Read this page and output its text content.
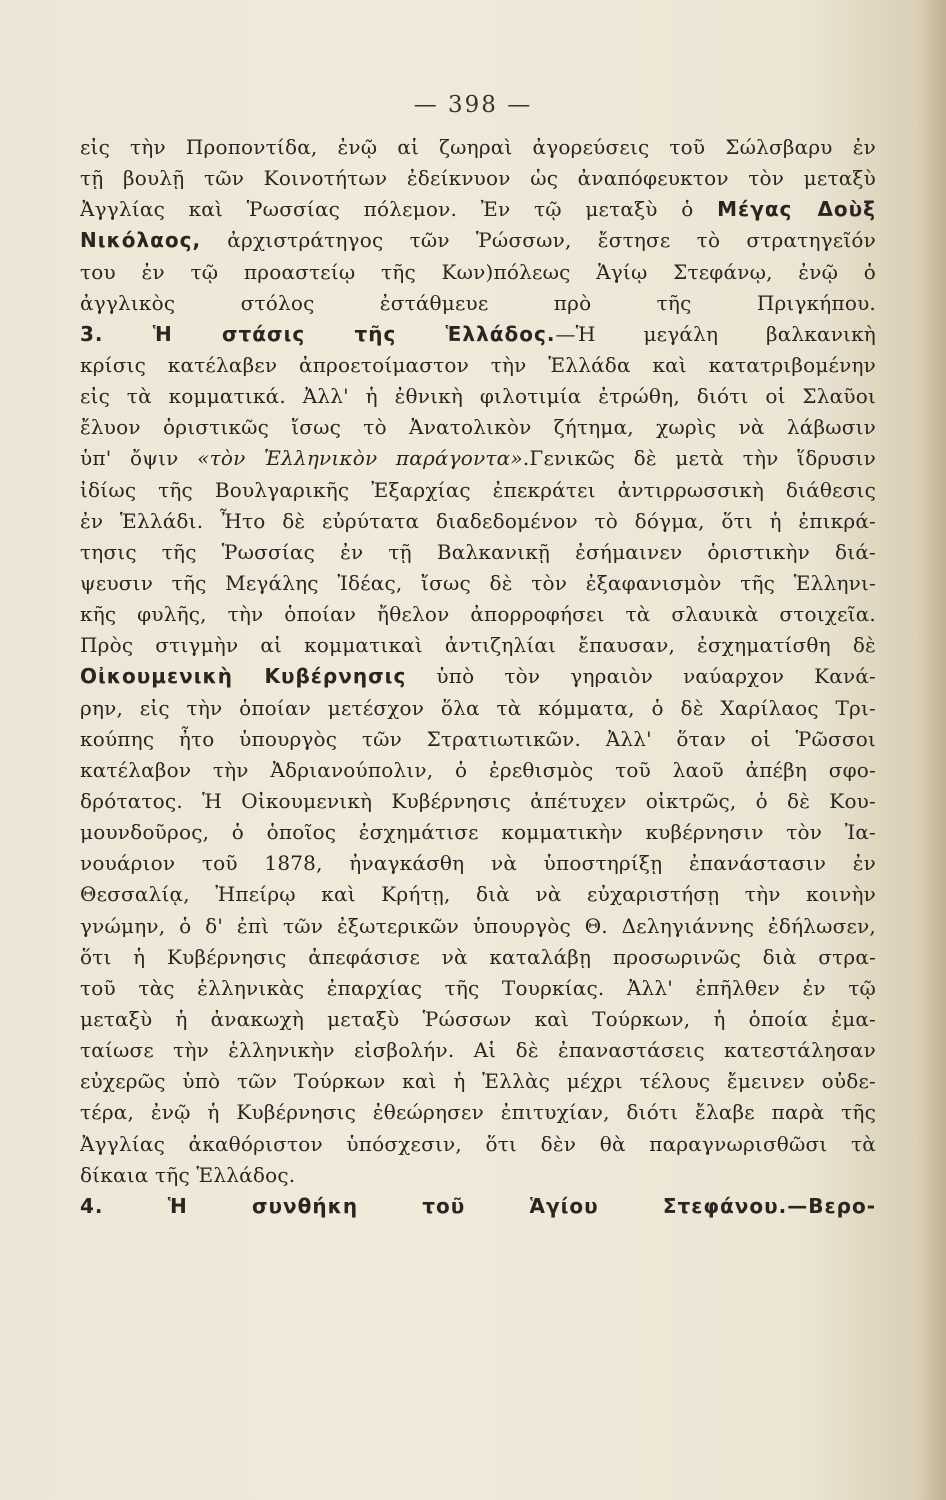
— 398 —
εἰς τὴν Προποντίδα, ἐνῷ αἱ ζωηραὶ ἀγορεύσεις τοῦ Σώλσβαρυ ἐν
τῇ βουλῇ τῶν Κοινοτήτων ἐδείκνυον ὡς ἀναπόφευκτον τὸν μεταξὺ
Ἀγγλίας καὶ Ῥωσσίας πόλεμον. Ἐν τῷ μεταξὺ ὁ Μέγας Δοὺξ
Νικόλαος, ἀρχιστράτηγος τῶν Ῥώσσων, ἔστησε τὸ στρατηγεῖόν
του ἐν τῷ προαστείῳ τῆς Κων)πόλεως Ἁγίῳ Στεφάνῳ, ἐνῷ ὁ
ἀγγλικὸς στόλος ἐστάθμευε πρὸ τῆς Πριγκήπου.
3. Ἡ στάσις τῆς Ἑλλάδος.—Ἡ μεγάλη βαλκανικὴ
κρίσις κατέλαβεν ἀπροετοίμαστον τὴν Ἑλλάδα καὶ κατατριβομένην
εἰς τὰ κομματικά. Ἀλλ' ἡ ἐθνικὴ φιλοτιμία ἐτρώθη, διότι οἱ Σλαῦοι
ἔλυον ὁριστικῶς ἴσως τὸ Ἀνατολικὸν ζήτημα, χωρὶς νὰ λάβωσιν
ὑπ' ὄψιν «τὸν Ἑλληνικὸν παράγοντα».Γενικῶς δὲ μετὰ τὴν ἵδρυσιν
ἰδίως τῆς Βουλγαρικῆς Ἐξαρχίας ἐπεκράτει ἀντιρρωσσικὴ διάθεσις
ἐν Ἑλλάδι. Ἦτο δὲ εὐρύτατα διαδεδομένον τὸ δόγμα, ὅτι ἡ ἐπικρά-
τησις τῆς Ῥωσσίας ἐν τῇ Βαλκανικῇ ἐσήμαινεν ὁριστικὴν διά-
ψευσιν τῆς Μεγάλης Ἰδέας, ἴσως δὲ τὸν ἐξαφανισμὸν τῆς Ἑλληνι-
κῆς φυλῆς, τὴν ὁποίαν ἤθελον ἀπορροφήσει τὰ σλαυικὰ στοιχεῖα.
Πρὸς στιγμὴν αἱ κομματικαὶ ἀντιζηλίαι ἔπαυσαν, ἐσχηματίσθη δὲ
Οἰκουμενικὴ Κυβέρνησις ὑπὸ τὸν γηραιὸν ναύαρχον Κανά-
ρην, εἰς τὴν ὁποίαν μετέσχον ὅλα τὰ κόμματα, ὁ δὲ Χαρίλαος Τρι-
κούπης ἦτο ὑπουργὸς τῶν Στρατιωτικῶν. Ἀλλ' ὅταν οἱ Ῥῶσσοι
κατέλαβον τὴν Ἀδριανούπολιν, ὁ ἐρεθισμὸς τοῦ λαοῦ ἀπέβη σφο-
δρότατος. Ἡ Οἰκουμενικὴ Κυβέρνησις ἀπέτυχεν οἰκτρῶς, ὁ δὲ Κου-
μουνδοῦρος, ὁ ὁποῖος ἐσχημάτισε κομματικὴν κυβέρνησιν τὸν Ἰα-
νουάριον τοῦ 1878, ἠναγκάσθη νὰ ὑποστηρίξῃ ἐπανάστασιν ἐν
Θεσσαλίᾳ, Ἠπείρῳ καὶ Κρήτῃ, διὰ νὰ εὐχαριστήσῃ τὴν κοινὴν
γνώμην, ὁ δ' ἐπὶ τῶν ἐξωτερικῶν ὑπουργὸς Θ. Δεληγιάννης ἐδήλωσεν,
ὅτι ἡ Κυβέρνησις ἀπεφάσισε νὰ καταλάβῃ προσωρινῶς διὰ στρα-
τοῦ τὰς ἑλληνικὰς ἐπαρχίας τῆς Τουρκίας. Ἀλλ' ἐπῆλθεν ἐν τῷ
μεταξὺ ἡ ἀνακωχὴ μεταξὺ Ῥώσσων καὶ Τούρκων, ἡ ὁποία ἐμα-
ταίωσε τὴν ἑλληνικὴν εἰσβολήν. Αἱ δὲ ἐπαναστάσεις κατεστάλησαν
εὐχερῶς ὑπὸ τῶν Τούρκων καὶ ἡ Ἑλλὰς μέχρι τέλους ἔμεινεν οὐδε-
τέρα, ἐνῷ ἡ Κυβέρνησις ἐθεώρησεν ἐπιτυχίαν, διότι ἔλαβε παρὰ τῆς
Ἀγγλίας ἀκαθόριστον ὑπόσχεσιν, ὅτι δὲν θὰ παραγνωρισθῶσι τὰ
δίκαια τῆς Ἑλλάδος.
4. Ἡ συνθήκη τοῦ Ἁγίου Στεφάνου.—Βερο-
